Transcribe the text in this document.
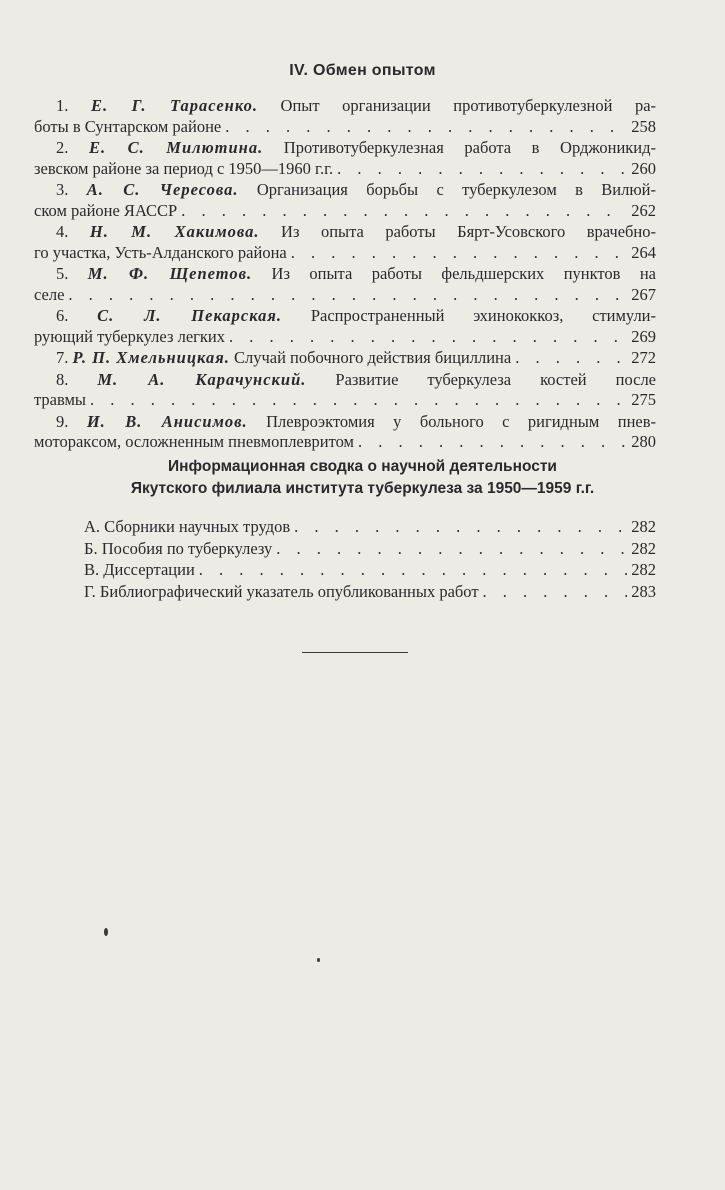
IV. Обмен опытом
1. Е. Г. Тарасенко. Опыт организации противотуберкулезной ра-
боты в Сунтарском районе . . .	258
2. Е. С. Милютина. Противотуберкулезная работа в Орджоникид-
зевском районе за период с 1950—1960 г.г. . . .	260
3. А. С. Чересова. Организация борьбы с туберкулезом в Вилюй-
ском районе ЯАССР . . .	262
4. Н. М. Хакимова. Из опыта работы Бярт-Усовского врачебно-
го участка, Усть-Алданского района . . .	264
5. М. Ф. Щепетов. Из опыта работы фельдшерских пунктов на
селе . . .	267
6. С. Л. Пекарская. Распространенный эхинококкоз, стимули-
рующий туберкулез легких . . .	269
7. Р. П. Хмельницкая. Случай побочного действия бициллина . . .	272
8. М. А. Карачунский. Развитие туберкулеза костей после
травмы . . .	275
9. И. В. Анисимов. Плевроэктомия у больного с ригидным пнев-
моторакcом, осложненным пневмоплевритом . . .	280
Информационная сводка о научной деятельности
Якутского филиала института туберкулеза за 1950—1959 г.г.
А. Сборники научных трудов . . .	282
Б. Пособия по туберкулезу . . .	282
В. Диссертации . . .	282
Г. Библиографический указатель опубликованных работ . . .	283
